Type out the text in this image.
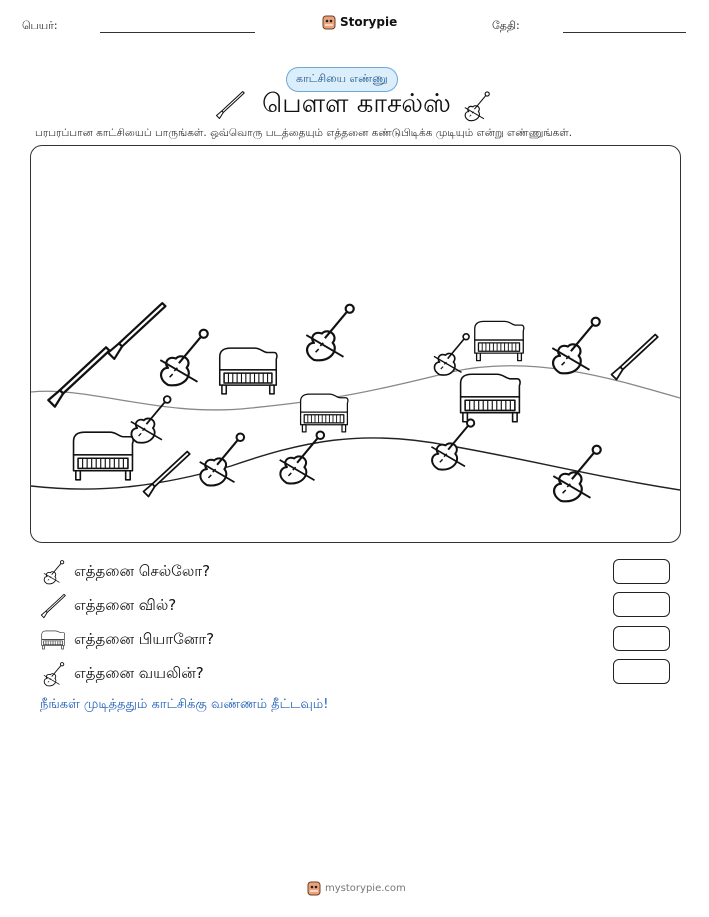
பெயர்:	Storypie	தேதி:
காட்சியை எண்ணு
பௌள காசல்ஸ்
பரபரப்பான காட்சியைப் பாருங்கள். ஒவ்வொரு படத்தையும் எத்தனை கண்டுபிடிக்க முடியும் என்று எண்ணுங்கள்.
எத்தனை செல்லோ?
எத்தனை வில்?
எத்தனை பியானோ?
எத்தனை வயலின்?
நீங்கள் முடித்ததும் காட்சிக்கு வண்ணம் தீட்டவும்!
mystorypie.com
